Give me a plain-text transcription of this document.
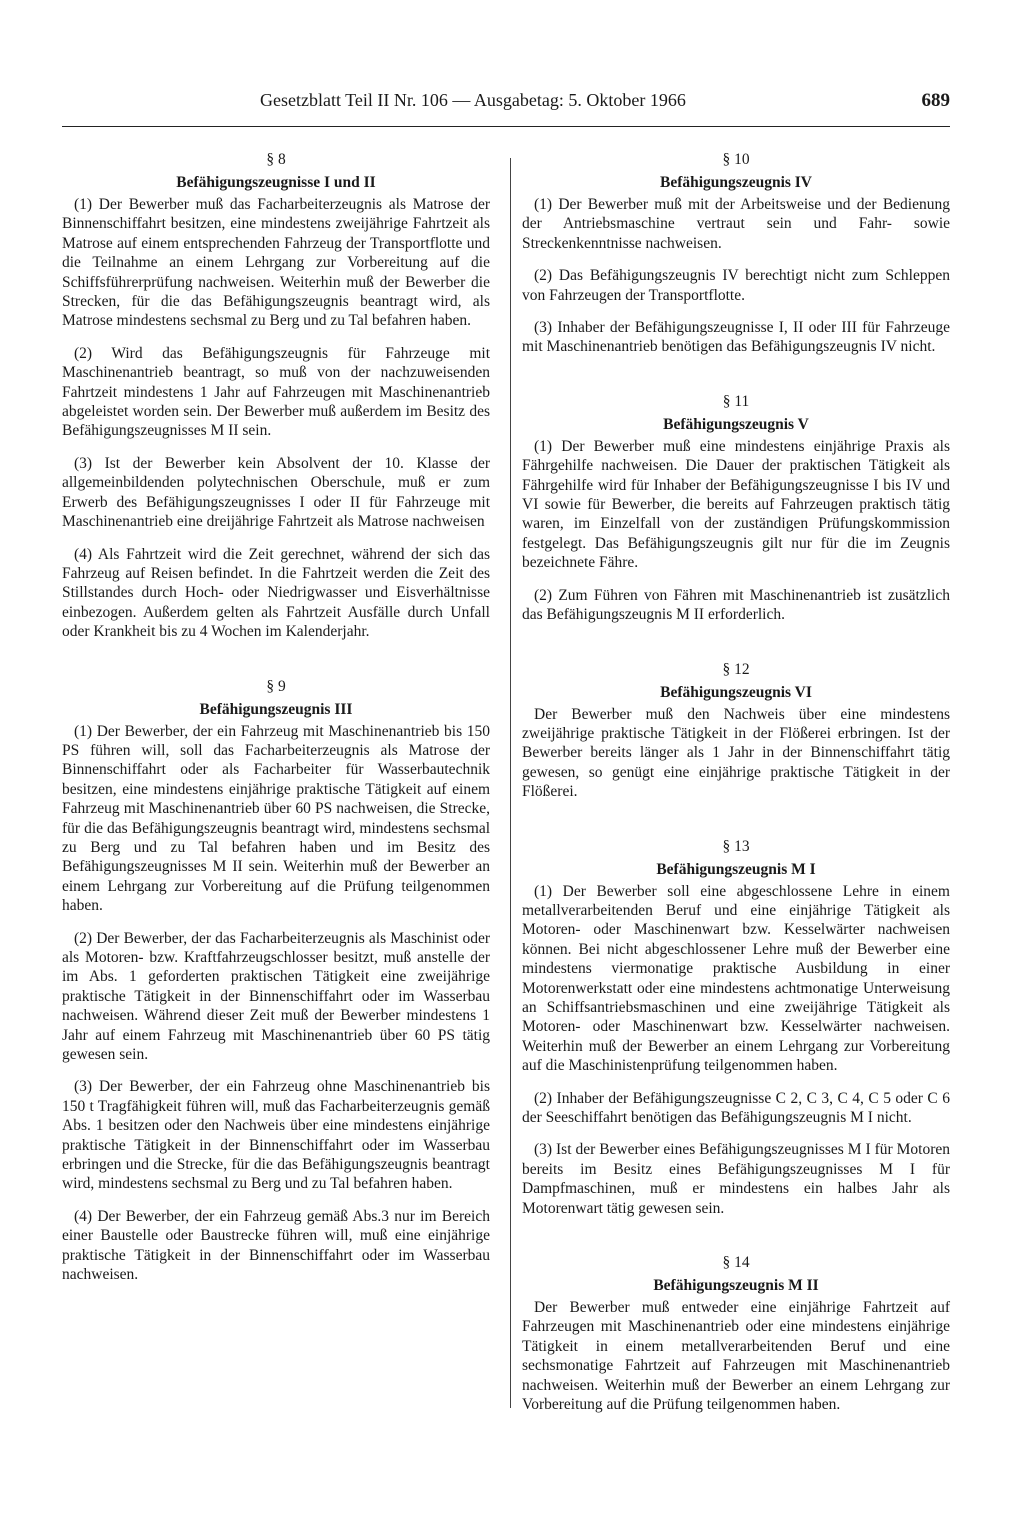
Gesetzblatt Teil II Nr. 106 — Ausgabetag: 5. Oktober 1966	689
§ 8
Befähigungszeugnisse I und II

(1) Der Bewerber muß das Facharbeiterzeugnis als Matrose der Binnenschiffahrt besitzen, eine mindestens zweijährige Fahrtzeit als Matrose auf einem entsprechenden Fahrzeug der Transportflotte und die Teilnahme an einem Lehrgang zur Vorbereitung auf die Schiffsführerprüfung nachweisen. Weiterhin muß der Bewerber die Strecken, für die das Befähigungszeugnis beantragt wird, als Matrose mindestens sechsmal zu Berg und zu Tal befahren haben.

(2) Wird das Befähigungszeugnis für Fahrzeuge mit Maschinenantrieb beantragt, so muß von der nachzuweisenden Fahrtzeit mindestens 1 Jahr auf Fahrzeugen mit Maschinenantrieb abgeleistet worden sein. Der Bewerber muß außerdem im Besitz des Befähigungszeugnisses M II sein.

(3) Ist der Bewerber kein Absolvent der 10. Klasse der allgemeinbildenden polytechnischen Oberschule, muß er zum Erwerb des Befähigungszeugnisses I oder II für Fahrzeuge mit Maschinenantrieb eine dreijährige Fahrtzeit als Matrose nachweisen

(4) Als Fahrtzeit wird die Zeit gerechnet, während der sich das Fahrzeug auf Reisen befindet. In die Fahrtzeit werden die Zeit des Stillstandes durch Hoch- oder Niedrigwasser und Eisverhältnisse einbezogen. Außerdem gelten als Fahrtzeit Ausfälle durch Unfall oder Krankheit bis zu 4 Wochen im Kalenderjahr.

§ 9
Befähigungszeugnis III

(1) Der Bewerber, der ein Fahrzeug mit Maschinenantrieb bis 150 PS führen will, soll das Facharbeiterzeugnis als Matrose der Binnenschiffahrt oder als Facharbeiter für Wasserbautechnik besitzen, eine mindestens einjährige praktische Tätigkeit auf einem Fahrzeug mit Maschinenantrieb über 60 PS nachweisen, die Strecke, für die das Befähigungszeugnis beantragt wird, mindestens sechsmal zu Berg und zu Tal befahren haben und im Besitz des Befähigungszeugnisses M II sein. Weiterhin muß der Bewerber an einem Lehrgang zur Vorbereitung auf die Prüfung teilgenommen haben.

(2) Der Bewerber, der das Facharbeiterzeugnis als Maschinist oder als Motoren- bzw. Kraftfahrzeugschlosser besitzt, muß anstelle der im Abs. 1 geforderten praktischen Tätigkeit eine zweijährige praktische Tätigkeit in der Binnenschiffahrt oder im Wasserbau nachweisen. Während dieser Zeit muß der Bewerber mindestens 1 Jahr auf einem Fahrzeug mit Maschinenantrieb über 60 PS tätig gewesen sein.

(3) Der Bewerber, der ein Fahrzeug ohne Maschinenantrieb bis 150 t Tragfähigkeit führen will, muß das Facharbeiterzeugnis gemäß Abs. 1 besitzen oder den Nachweis über eine mindestens einjährige praktische Tätigkeit in der Binnenschiffahrt oder im Wasserbau erbringen und die Strecke, für die das Befähigungszeugnis beantragt wird, mindestens sechsmal zu Berg und zu Tal befahren haben.

(4) Der Bewerber, der ein Fahrzeug gemäß Abs.3 nur im Bereich einer Baustelle oder Baustrecke führen will, muß eine einjährige praktische Tätigkeit in der Binnenschiffahrt oder im Wasserbau nachweisen.

§ 10
Befähigungszeugnis IV

(1) Der Bewerber muß mit der Arbeitsweise und der Bedienung der Antriebsmaschine vertraut sein und Fahr- sowie Streckenkenntnisse nachweisen.

(2) Das Befähigungszeugnis IV berechtigt nicht zum Schleppen von Fahrzeugen der Transportflotte.

(3) Inhaber der Befähigungszeugnisse I, II oder III für Fahrzeuge mit Maschinenantrieb benötigen das Befähigungszeugnis IV nicht.

§ 11
Befähigungszeugnis V

(1) Der Bewerber muß eine mindestens einjährige Praxis als Fährgehilfe nachweisen. Die Dauer der praktischen Tätigkeit als Fährgehilfe wird für Inhaber der Befähigungszeugnisse I bis IV und VI sowie für Bewerber, die bereits auf Fahrzeugen praktisch tätig waren, im Einzelfall von der zuständigen Prüfungskommission festgelegt. Das Befähigungszeugnis gilt nur für die im Zeugnis bezeichnete Fähre.

(2) Zum Führen von Fähren mit Maschinenantrieb ist zusätzlich das Befähigungszeugnis M II erforderlich.

§ 12
Befähigungszeugnis VI

Der Bewerber muß den Nachweis über eine mindestens zweijährige praktische Tätigkeit in der Flößerei erbringen. Ist der Bewerber bereits länger als 1 Jahr in der Binnenschiffahrt tätig gewesen, so genügt eine einjährige praktische Tätigkeit in der Flößerei.

§ 13
Befähigungszeugnis M I

(1) Der Bewerber soll eine abgeschlossene Lehre in einem metallverarbeitenden Beruf und eine einjährige Tätigkeit als Motoren- oder Maschinenwart bzw. Kesselwärter nachweisen können. Bei nicht abgeschlossener Lehre muß der Bewerber eine mindestens viermonatige praktische Ausbildung in einer Motorenwerkstatt oder eine mindestens achtmonatige Unterweisung an Schiffsantriebsmaschinen und eine zweijährige Tätigkeit als Motoren- oder Maschinenwart bzw. Kesselwärter nachweisen. Weiterhin muß der Bewerber an einem Lehrgang zur Vorbereitung auf die Maschinistenprüfung teilgenommen haben.

(2) Inhaber der Befähigungszeugnisse C 2, C 3, C 4, C 5 oder C 6 der Seeschiffahrt benötigen das Befähigungszeugnis M I nicht.

(3) Ist der Bewerber eines Befähigungszeugnisses M I für Motoren bereits im Besitz eines Befähigungszeugnisses M I für Dampfmaschinen, muß er mindestens ein halbes Jahr als Motorenwart tätig gewesen sein.

§ 14
Befähigungszeugnis M II

Der Bewerber muß entweder eine einjährige Fahrtzeit auf Fahrzeugen mit Maschinenantrieb oder eine mindestens einjährige Tätigkeit in einem metallverarbeitenden Beruf und eine sechsmonatige Fahrtzeit auf Fahrzeugen mit Maschinenantrieb nachweisen. Weiterhin muß der Bewerber an einem Lehrgang zur Vorbereitung auf die Prüfung teilgenommen haben.
